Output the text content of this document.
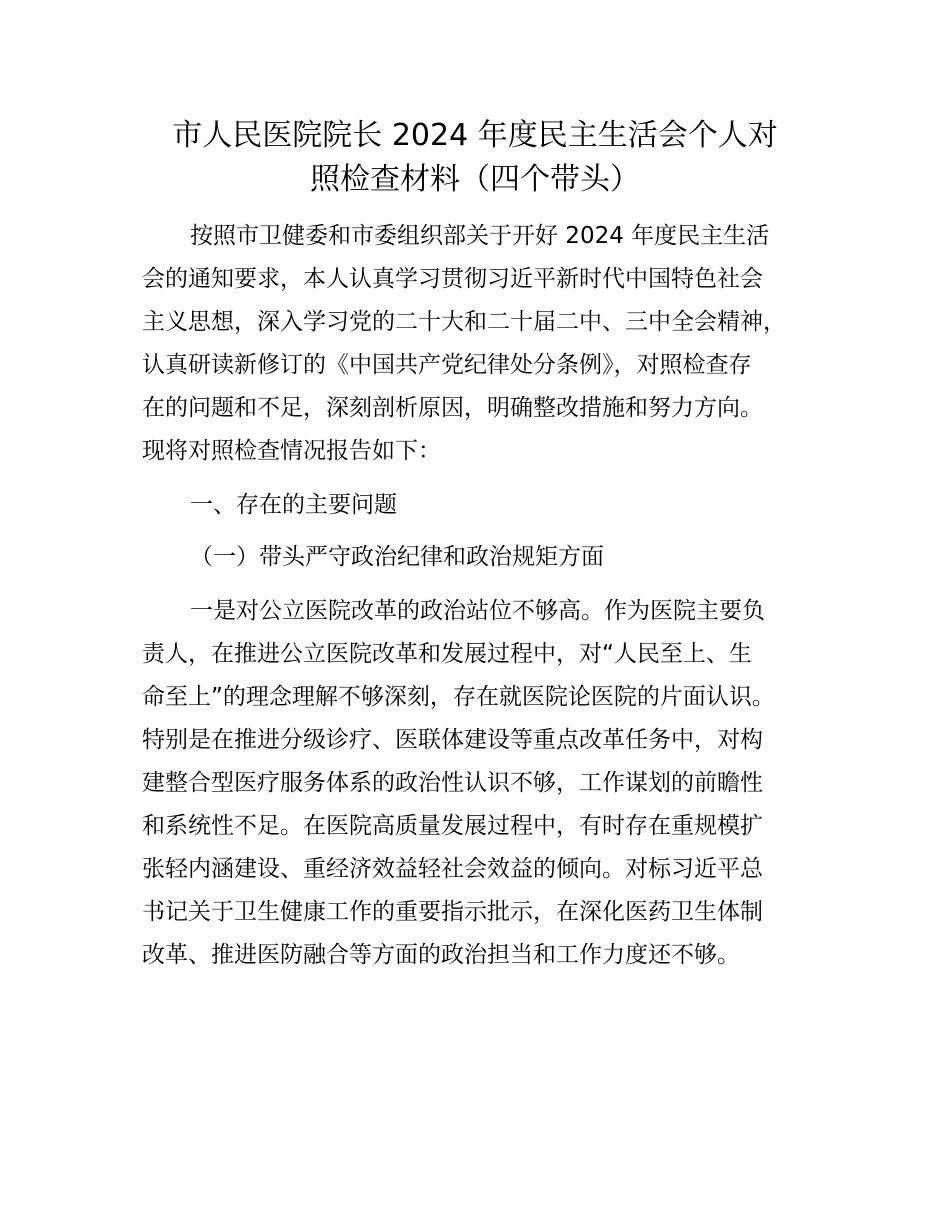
市人民医院院长 2024 年度民主生活会个人对
照检查材料（四个带头）

按照市卫健委和市委组织部关于开好 2024 年度民主生活

会的通知要求，本人认真学习贯彻习近平新时代中国特色社会

主义思想，深入学习党的二十大和二十届二中、三中全会精神，

认真研读新修订的《中国共产党纪律处分条例》，对照检查存

在的问题和不足，深刻剖析原因，明确整改措施和努力方向。

现将对照检查情况报告如下：

一、存在的主要问题

（一）带头严守政治纪律和政治规矩方面

一是对公立医院改革的政治站位不够高。作为医院主要负

责人，在推进公立医院改革和发展过程中，对“人民至上、生

命至上”的理念理解不够深刻，存在就医院论医院的片面认识。

特别是在推进分级诊疗、医联体建设等重点改革任务中，对构

建整合型医疗服务体系的政治性认识不够，工作谋划的前瞻性

和系统性不足。在医院高质量发展过程中，有时存在重规模扩

张轻内涵建设、重经济效益轻社会效益的倾向。对标习近平总

书记关于卫生健康工作的重要指示批示，在深化医药卫生体制

改革、推进医防融合等方面的政治担当和工作力度还不够。
